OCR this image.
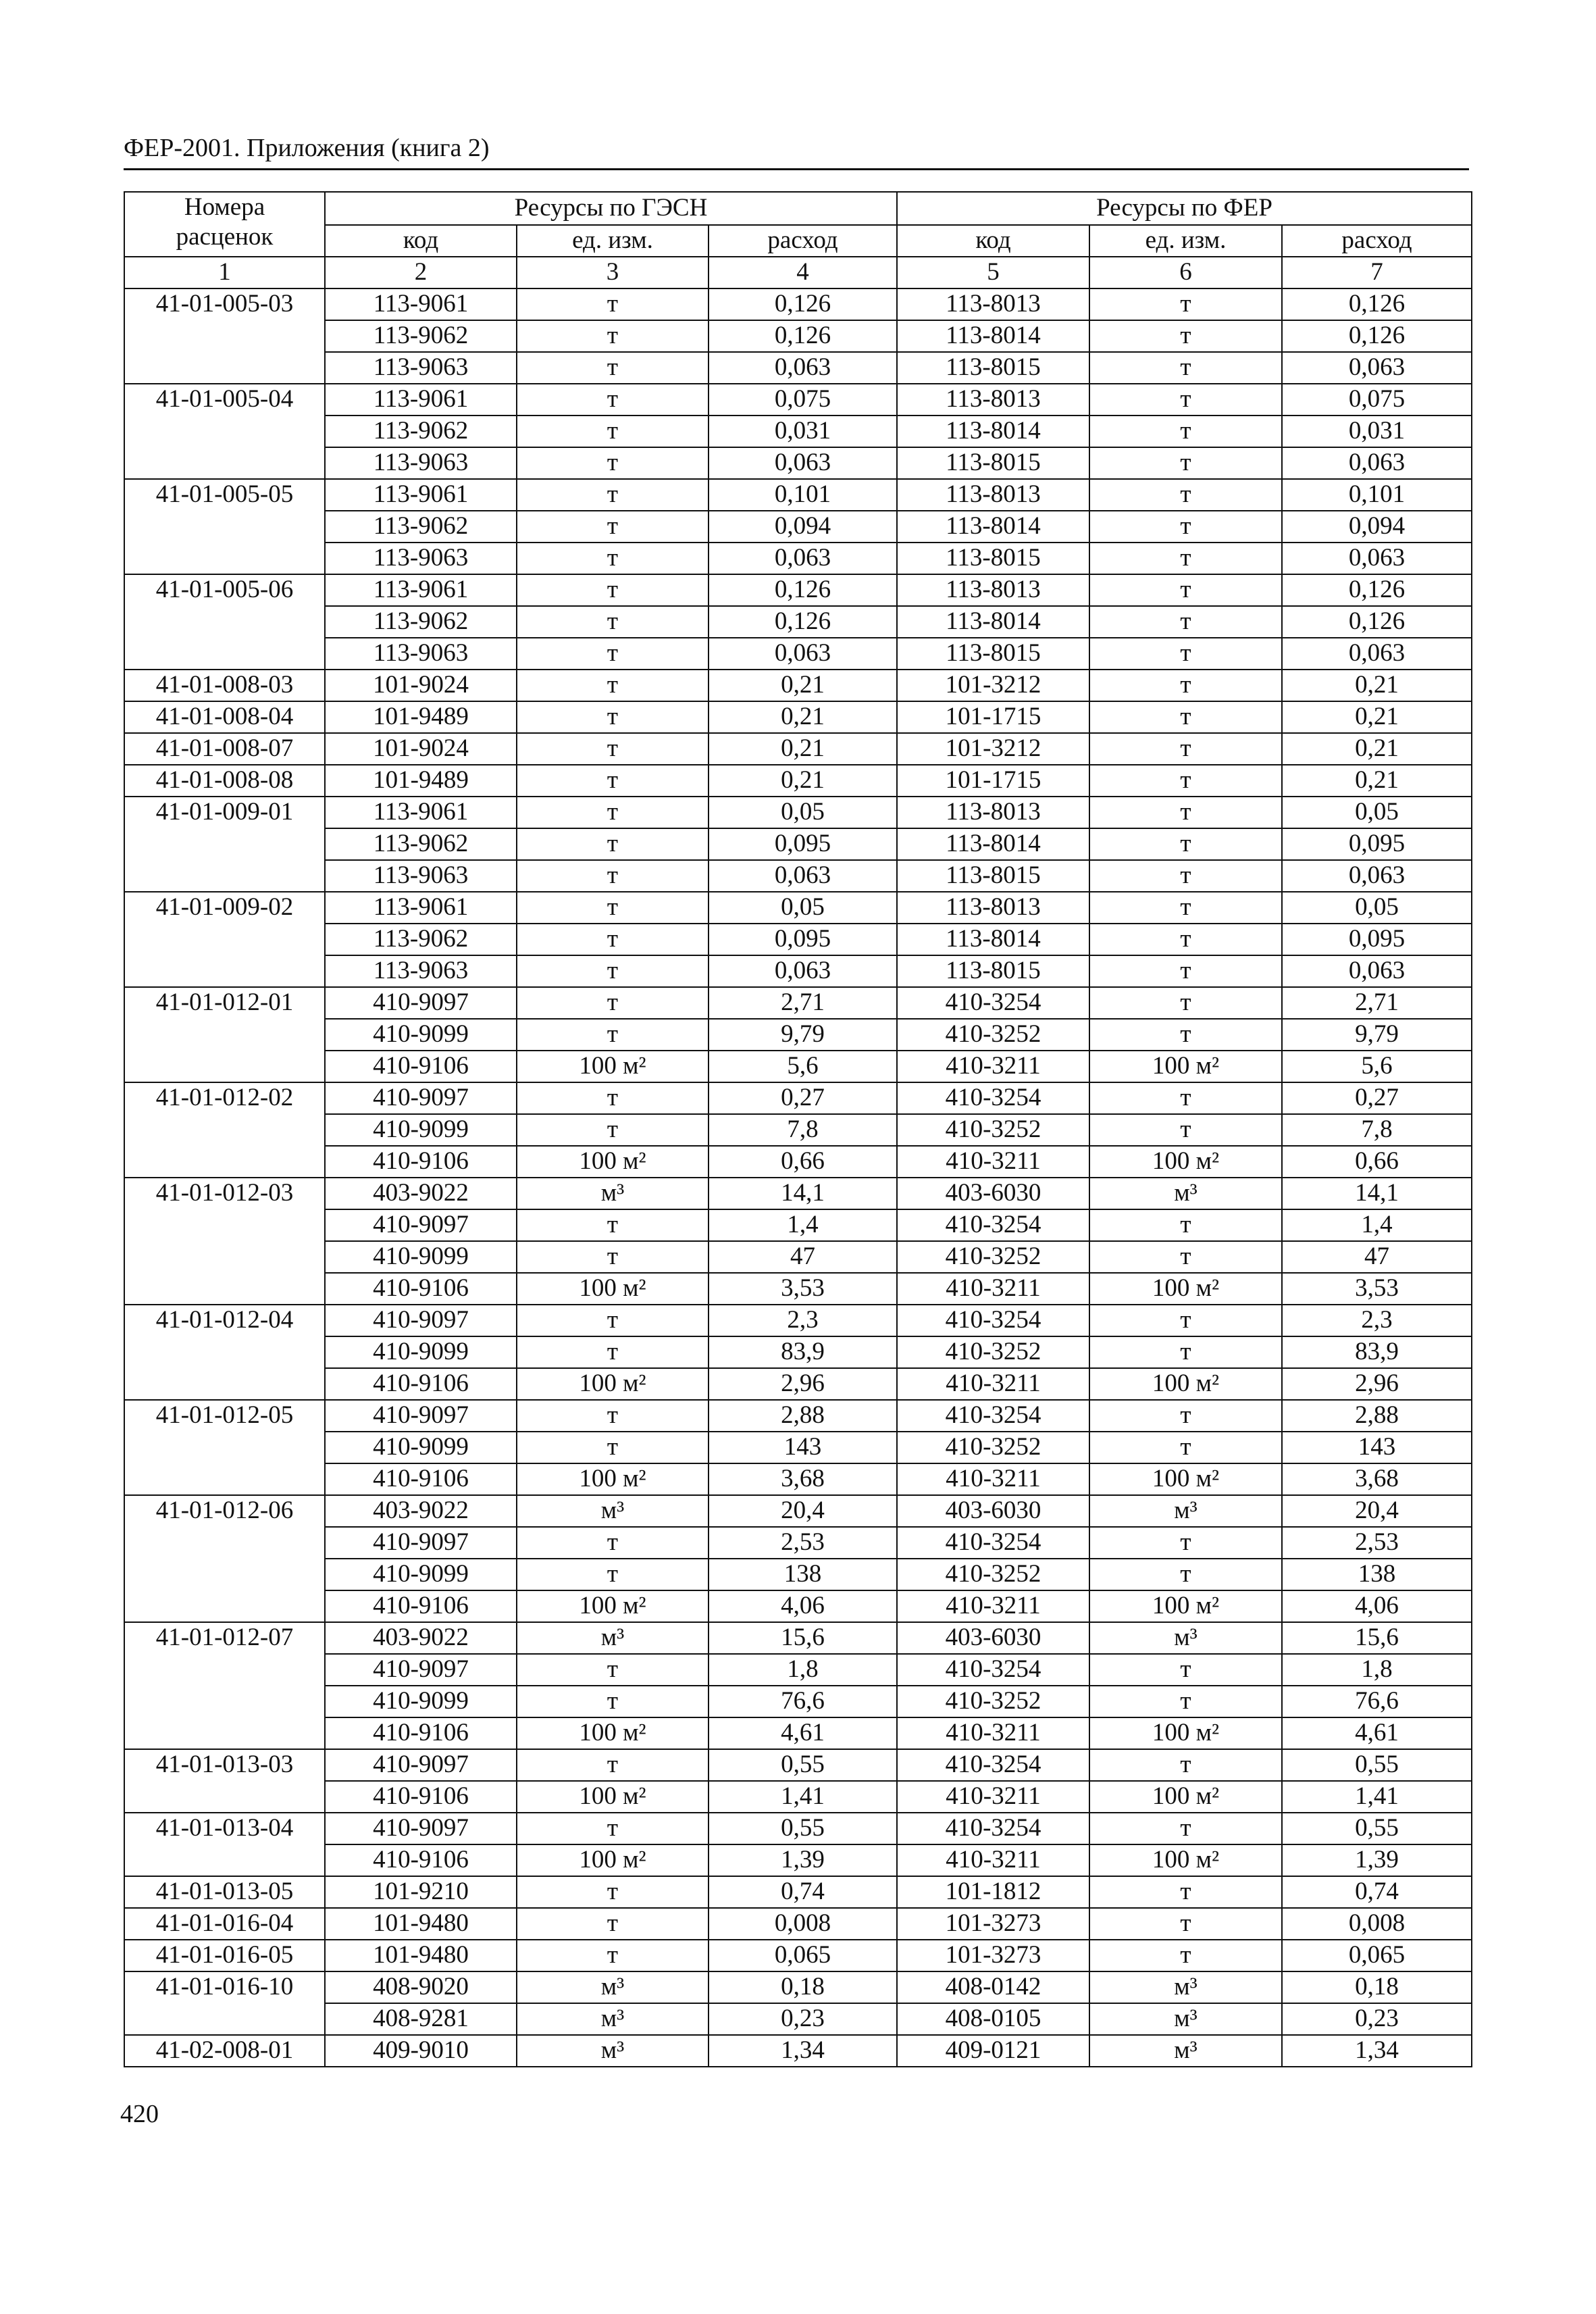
ФЕР-2001. Приложения (книга 2)
Номера расценок	Ресурсы по ГЭСН			Ресурсы по ФЕР		
	код	ед. изм.	расход	код	ед. изм.	расход
1	2	3	4	5	6	7
41-01-005-03	113-9061	т	0,126	113-8013	т	0,126
	113-9062	т	0,126	113-8014	т	0,126
	113-9063	т	0,063	113-8015	т	0,063
41-01-005-04	113-9061	т	0,075	113-8013	т	0,075
	113-9062	т	0,031	113-8014	т	0,031
	113-9063	т	0,063	113-8015	т	0,063
41-01-005-05	113-9061	т	0,101	113-8013	т	0,101
	113-9062	т	0,094	113-8014	т	0,094
	113-9063	т	0,063	113-8015	т	0,063
41-01-005-06	113-9061	т	0,126	113-8013	т	0,126
	113-9062	т	0,126	113-8014	т	0,126
	113-9063	т	0,063	113-8015	т	0,063
41-01-008-03	101-9024	т	0,21	101-3212	т	0,21
41-01-008-04	101-9489	т	0,21	101-1715	т	0,21
41-01-008-07	101-9024	т	0,21	101-3212	т	0,21
41-01-008-08	101-9489	т	0,21	101-1715	т	0,21
41-01-009-01	113-9061	т	0,05	113-8013	т	0,05
	113-9062	т	0,095	113-8014	т	0,095
	113-9063	т	0,063	113-8015	т	0,063
41-01-009-02	113-9061	т	0,05	113-8013	т	0,05
	113-9062	т	0,095	113-8014	т	0,095
	113-9063	т	0,063	113-8015	т	0,063
41-01-012-01	410-9097	т	2,71	410-3254	т	2,71
	410-9099	т	9,79	410-3252	т	9,79
	410-9106	100 м²	5,6	410-3211	100 м²	5,6
41-01-012-02	410-9097	т	0,27	410-3254	т	0,27
	410-9099	т	7,8	410-3252	т	7,8
	410-9106	100 м²	0,66	410-3211	100 м²	0,66
41-01-012-03	403-9022	м³	14,1	403-6030	м³	14,1
	410-9097	т	1,4	410-3254	т	1,4
	410-9099	т	47	410-3252	т	47
	410-9106	100 м²	3,53	410-3211	100 м²	3,53
41-01-012-04	410-9097	т	2,3	410-3254	т	2,3
	410-9099	т	83,9	410-3252	т	83,9
	410-9106	100 м²	2,96	410-3211	100 м²	2,96
41-01-012-05	410-9097	т	2,88	410-3254	т	2,88
	410-9099	т	143	410-3252	т	143
	410-9106	100 м²	3,68	410-3211	100 м²	3,68
41-01-012-06	403-9022	м³	20,4	403-6030	м³	20,4
	410-9097	т	2,53	410-3254	т	2,53
	410-9099	т	138	410-3252	т	138
	410-9106	100 м²	4,06	410-3211	100 м²	4,06
41-01-012-07	403-9022	м³	15,6	403-6030	м³	15,6
	410-9097	т	1,8	410-3254	т	1,8
	410-9099	т	76,6	410-3252	т	76,6
	410-9106	100 м²	4,61	410-3211	100 м²	4,61
41-01-013-03	410-9097	т	0,55	410-3254	т	0,55
	410-9106	100 м²	1,41	410-3211	100 м²	1,41
41-01-013-04	410-9097	т	0,55	410-3254	т	0,55
	410-9106	100 м²	1,39	410-3211	100 м²	1,39
41-01-013-05	101-9210	т	0,74	101-1812	т	0,74
41-01-016-04	101-9480	т	0,008	101-3273	т	0,008
41-01-016-05	101-9480	т	0,065	101-3273	т	0,065
41-01-016-10	408-9020	м³	0,18	408-0142	м³	0,18
	408-9281	м³	0,23	408-0105	м³	0,23
41-02-008-01	409-9010	м³	1,34	409-0121	м³	1,34
420
